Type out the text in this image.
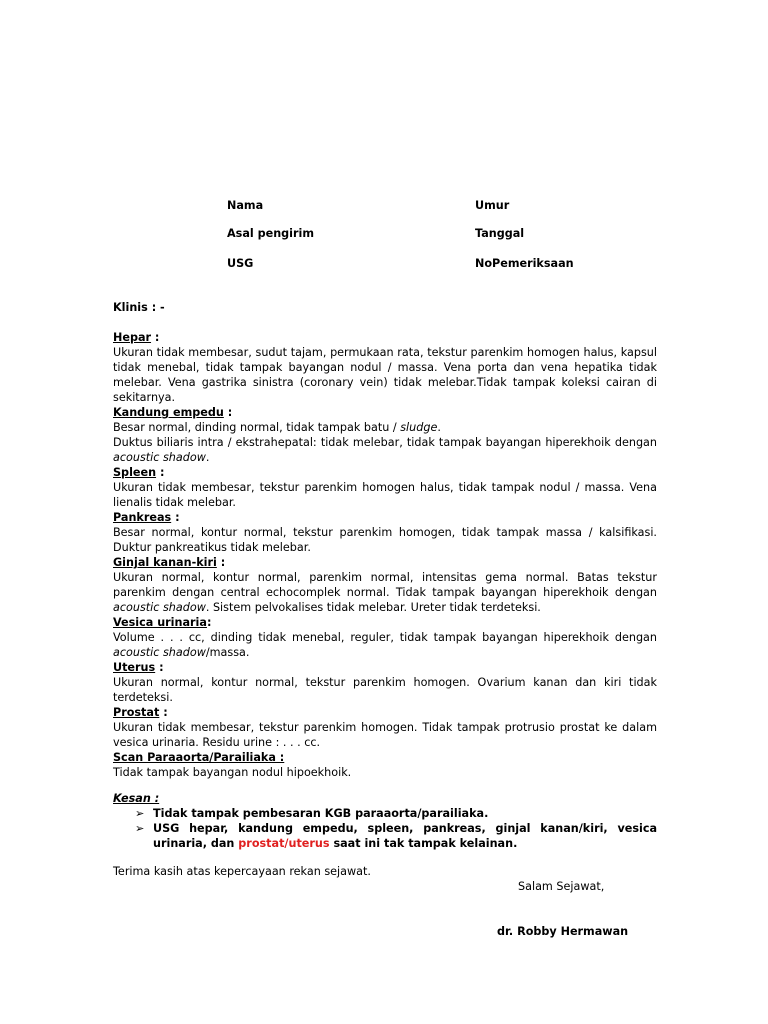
Nama	Umur
Asal pengirim	Tanggal
USG	NoPemeriksaan
Klinis : -
Hepar :

Ukuran tidak membesar, sudut tajam, permukaan rata, tekstur parenkim homogen halus, kapsul tidak menebal, tidak tampak bayangan nodul / massa. Vena porta dan vena hepatika tidak melebar. Vena gastrika sinistra (coronary vein) tidak melebar.Tidak tampak koleksi cairan di sekitarnya.

Kandung empedu :

Besar normal, dinding normal, tidak tampak batu / sludge.

Duktus biliaris intra / ekstrahepatal: tidak melebar, tidak tampak bayangan hiperekhoik dengan acoustic shadow.

Spleen :

Ukuran tidak membesar, tekstur parenkim homogen halus, tidak tampak nodul / massa. Vena lienalis tidak melebar.

Pankreas :

Besar normal, kontur normal, tekstur parenkim homogen, tidak tampak massa / kalsifikasi. Duktur pankreatikus tidak melebar.

Ginjal kanan-kiri :

Ukuran normal, kontur normal, parenkim normal, intensitas gema normal. Batas tekstur parenkim dengan central echocomplek normal. Tidak tampak bayangan hiperekhoik dengan acoustic shadow. Sistem pelvokalises tidak melebar. Ureter tidak terdeteksi.

Vesica urinaria:

Volume . . . cc, dinding tidak menebal, reguler, tidak tampak bayangan hiperekhoik dengan acoustic shadow/massa.

Uterus :

Ukuran normal, kontur normal, tekstur parenkim homogen. Ovarium kanan dan kiri tidak terdeteksi.

Prostat :

Ukuran tidak membesar, tekstur parenkim homogen. Tidak tampak protrusio prostat ke dalam vesica urinaria. Residu urine : . . . cc.

Scan Paraaorta/Parailiaka :

Tidak tampak bayangan nodul hipoekhoik.

Kesan :
➢ Tidak tampak pembesaran KGB paraaorta/parailiaka.
➢ USG hepar, kandung empedu, spleen, pankreas, ginjal kanan/kiri, vesica urinaria, dan prostat/uterus saat ini tak tampak kelainan.
Terima kasih atas kepercayaan rekan sejawat.
Salam Sejawat,
dr. Robby Hermawan
